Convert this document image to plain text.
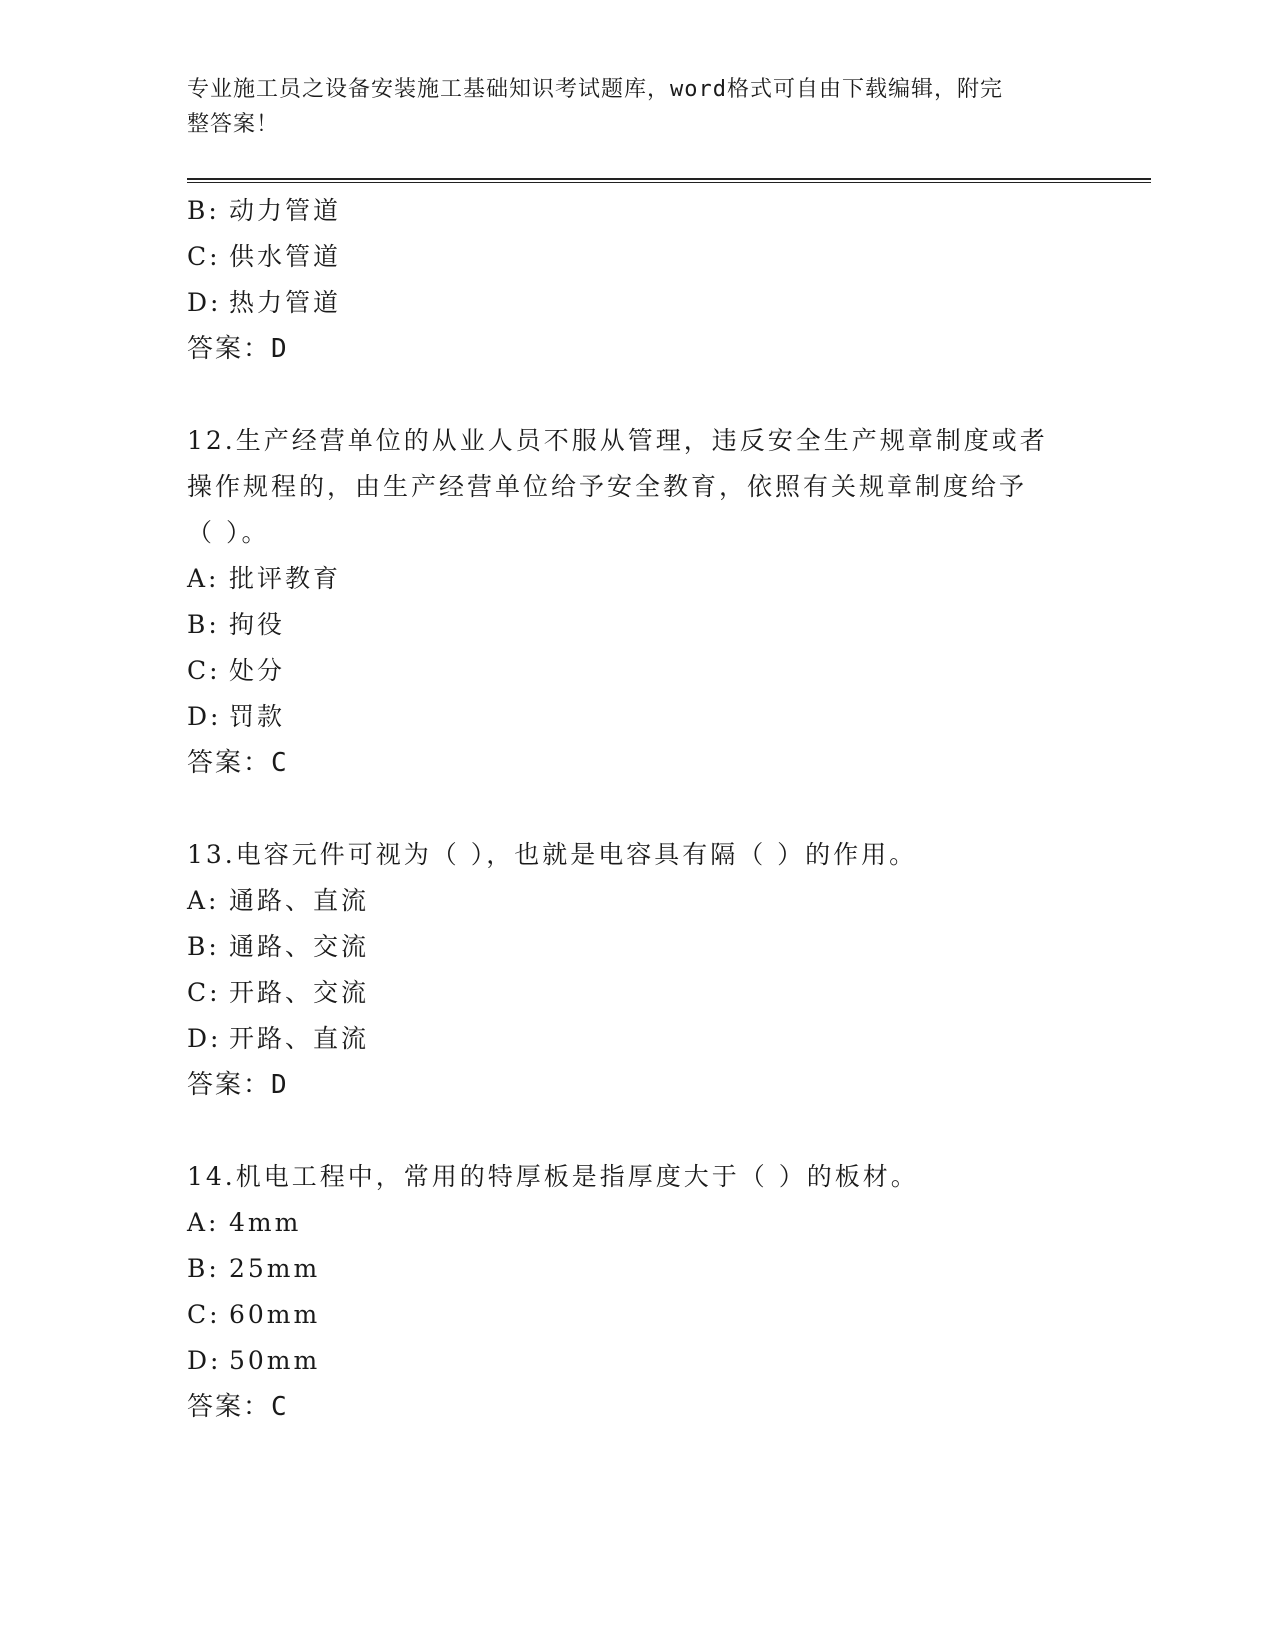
专业施工员之设备安装施工基础知识考试题库，word格式可自由下载编辑，附完
整答案！
B: 动力管道
C: 供水管道
D: 热力管道
答案：D
12.生产经营单位的从业人员不服从管理，违反安全生产规章制度或者
操作规程的，由生产经营单位给予安全教育，依照有关规章制度给予
（ ）。
A: 批评教育
B: 拘役
C: 处分
D: 罚款
答案：C
13.电容元件可视为（ ），也就是电容具有隔（ ）的作用。
A: 通路、直流
B: 通路、交流
C: 开路、交流
D: 开路、直流
答案：D
14.机电工程中，常用的特厚板是指厚度大于（ ）的板材。
A: 4mm
B: 25mm
C: 60mm
D: 50mm
答案：C
